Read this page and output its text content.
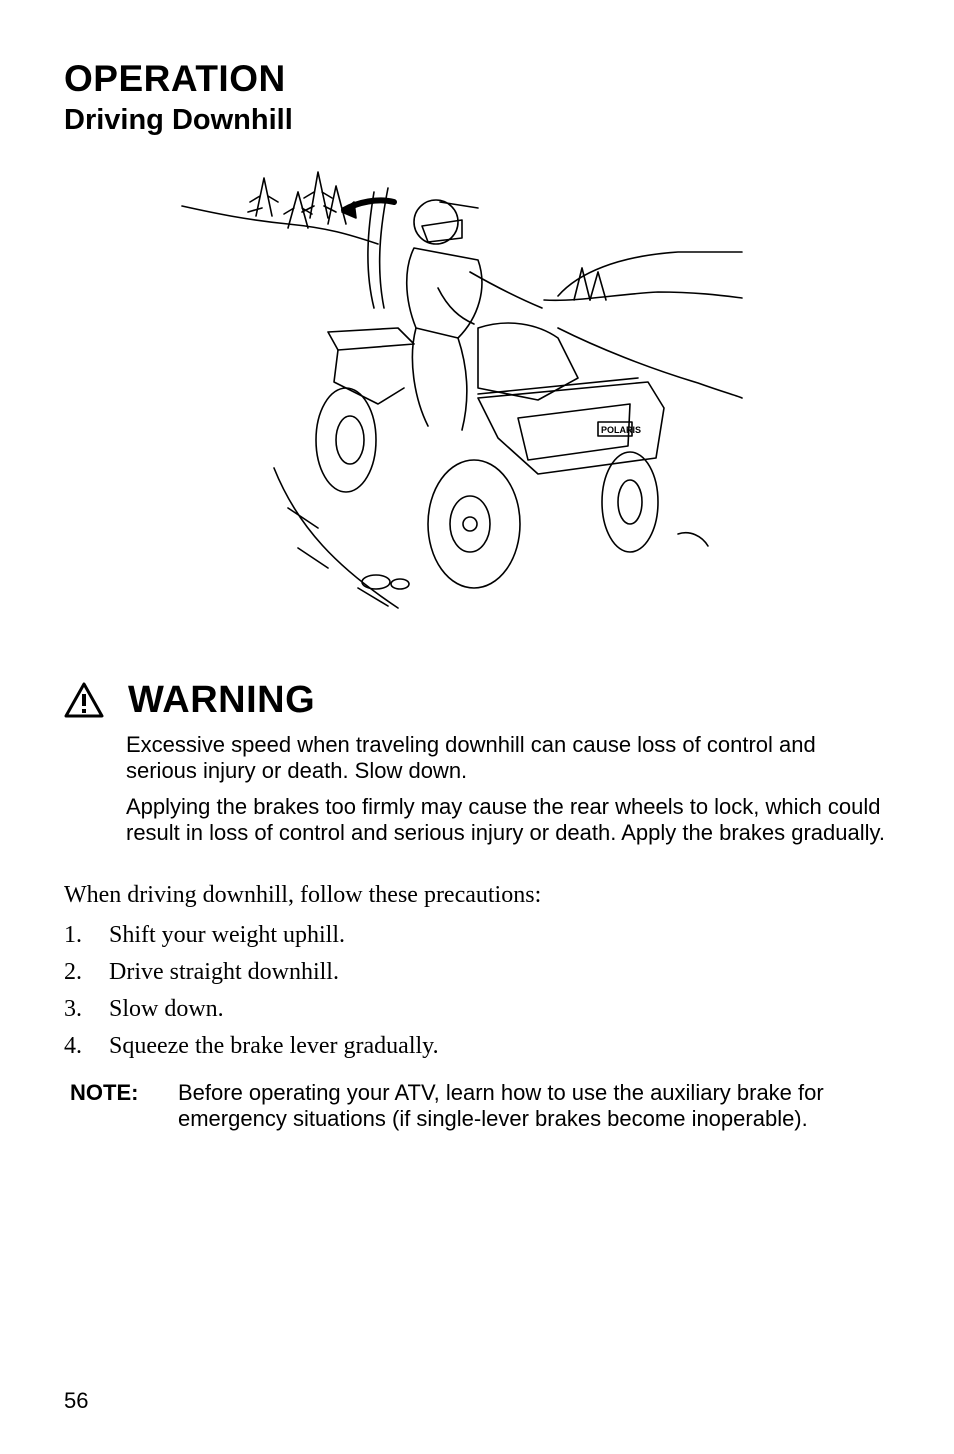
OPERATION
Driving Downhill
POLARIS
WARNING
Excessive speed when traveling downhill can cause loss of control and serious injury or death. Slow down.
Applying the brakes too firmly may cause the rear wheels to lock, which could result in loss of control and serious injury or death. Apply the brakes gradually.
When driving downhill, follow these precautions:
1.	Shift your weight uphill.
2.	Drive straight downhill.
3.	Slow down.
4.	Squeeze the brake lever gradually.
NOTE:	Before operating your ATV, learn how to use the auxiliary brake for emergency situations (if single-lever brakes become inoperable).
56
